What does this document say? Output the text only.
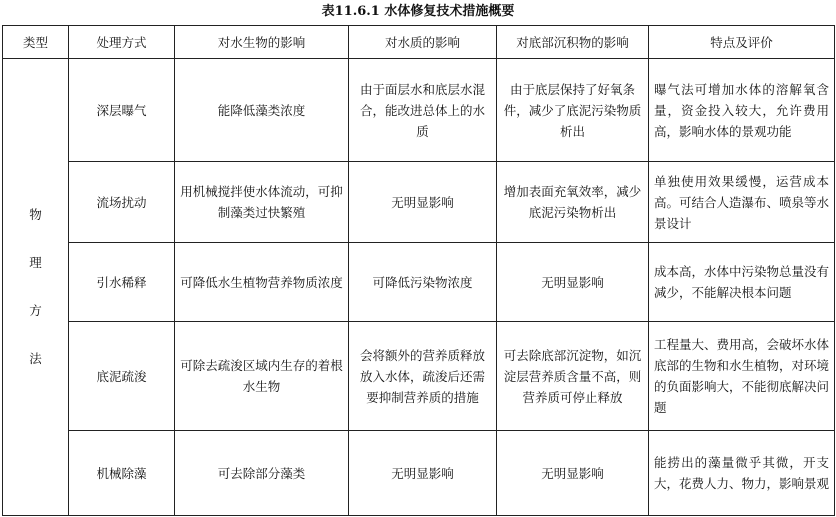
表11.6.1 水体修复技术措施概要
类型	处理方式	对水生物的影响	对水质的影响	对底部沉积物的影响	特点及评价
物理方法	深层曝气	能降低藻类浓度	由于面层水和底层水混合，能改进总体上的水质	由于底层保持了好氧条件，减少了底泥污染物质析出	曝气法可增加水体的溶解氧含量，资金投入较大，允许费用高，影响水体的景观功能
	流场扰动	用机械搅拌使水体流动，可抑制藻类过快繁殖	无明显影响	增加表面充氧效率，减少底泥污染物析出	单独使用效果缓慢，运营成本高。可结合人造瀑布、喷泉等水景设计
	引水稀释	可降低水生植物营养物质浓度	可降低污染物浓度	无明显影响	成本高，水体中污染物总量没有减少，不能解决根本问题
	底泥疏浚	可除去疏浚区域内生存的着根水生物	会将额外的营养质释放放入水体，疏浚后还需要抑制营养质的措施	可去除底部沉淀物，如沉淀层营养质含量不高，则营养质可停止释放	工程量大、费用高，会破坏水体底部的生物和水生植物，对环境的负面影响大，不能彻底解决问题
	机械除藻	可去除部分藻类	无明显影响	无明显影响	能捞出的藻量微乎其微，开支大，花费人力、物力，影响景观
